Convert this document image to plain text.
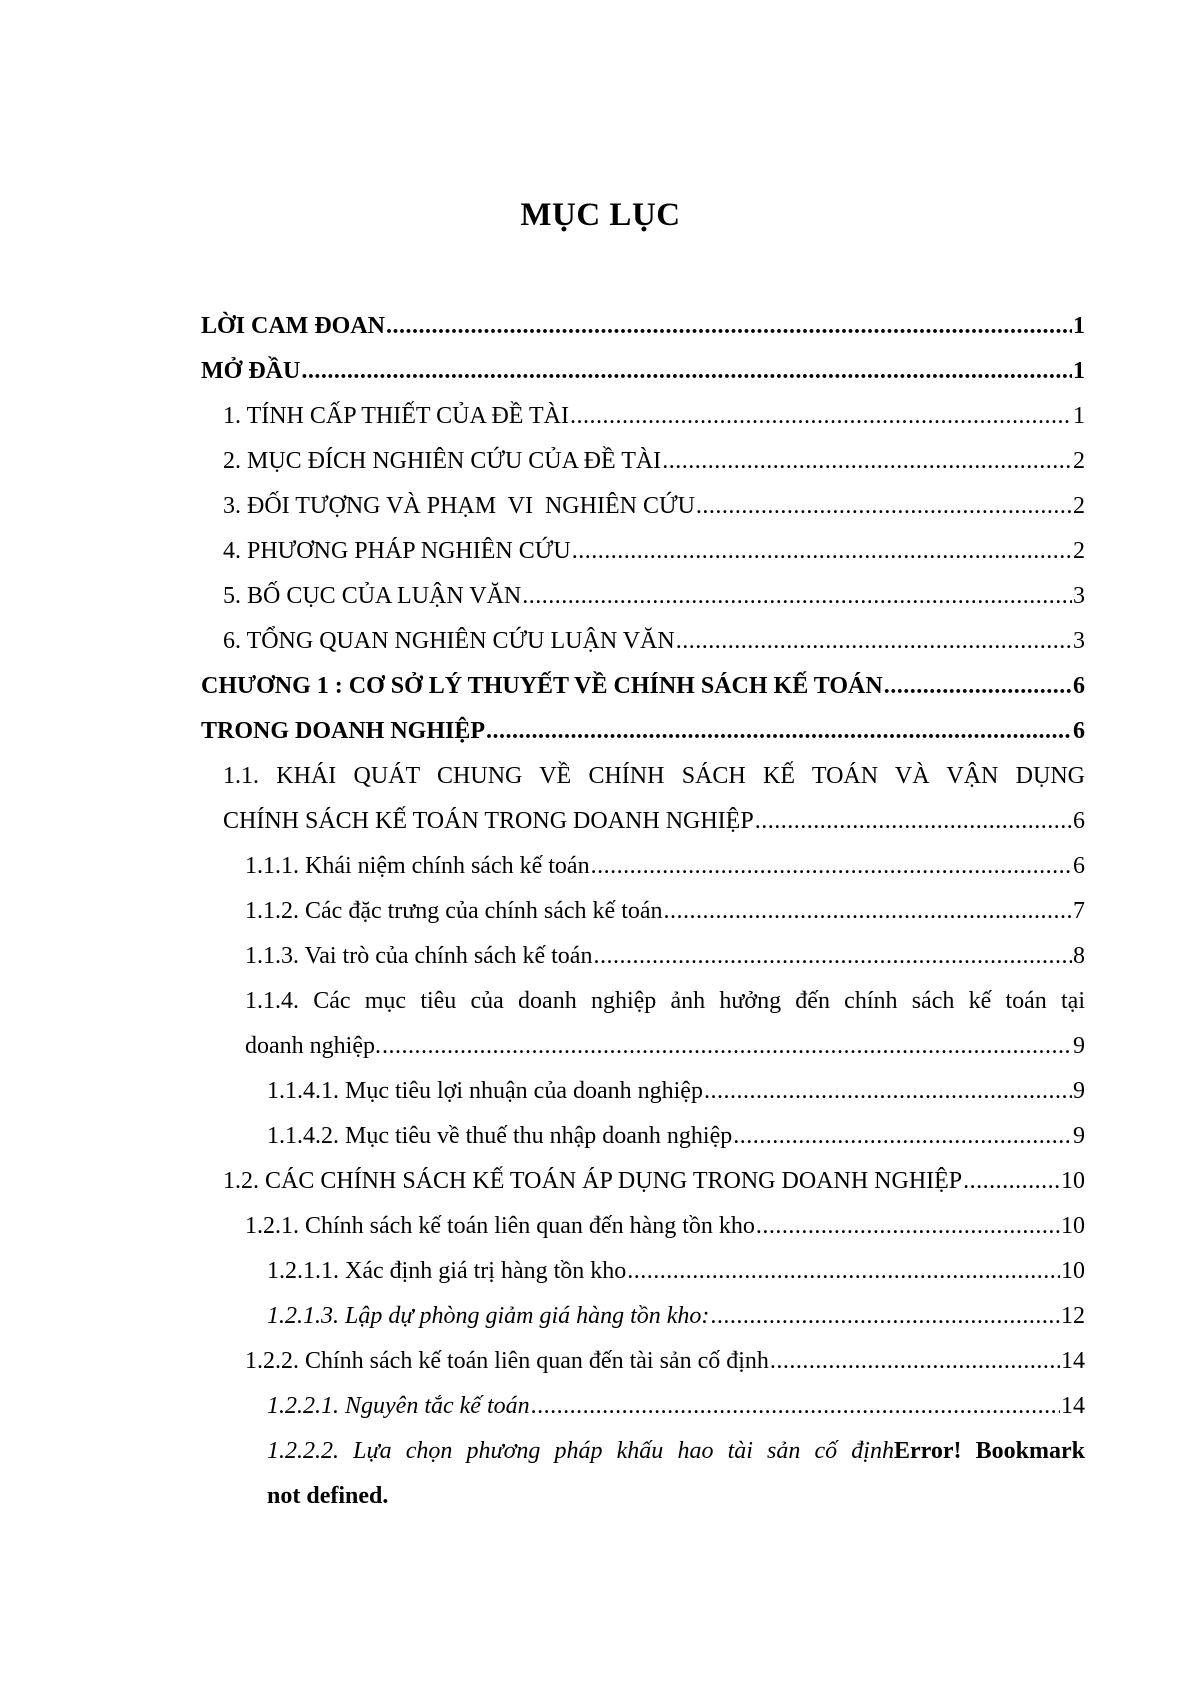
MỤC LỤC
LỜI CAM ĐOAN .....	1
MỞ ĐẦU .....	1
1. TÍNH CẤP THIẾT CỦA ĐỀ TÀI .....	1
2. MỤC ĐÍCH NGHIÊN CỨU CỦA ĐỀ TÀI .....	2
3. ĐỐI TƯỢNG VÀ PHẠM  VI  NGHIÊN CỨU .....	2
4. PHƯƠNG PHÁP NGHIÊN CỨU .....	2
5. BỐ CỤC CỦA LUẬN VĂN .....	3
6. TỔNG QUAN NGHIÊN CỨU LUẬN VĂN .....	3
CHƯƠNG 1 : CƠ SỞ LÝ THUYẾT VỀ CHÍNH SÁCH KẾ TOÁN .....	6
TRONG DOANH NGHIỆP .....	6
1.1. KHÁI QUÁT CHUNG VỀ CHÍNH SÁCH KẾ TOÁN VÀ VẬN DỤNG
CHÍNH SÁCH KẾ TOÁN TRONG DOANH NGHIỆP .....	6
1.1.1. Khái niệm chính sách kế toán .....	6
1.1.2. Các đặc trưng của chính sách kế toán .....	7
1.1.3. Vai trò của chính sách kế toán .....	8
1.1.4. Các mục tiêu của doanh nghiệp ảnh hưởng đến chính sách kế toán tại
doanh nghiệp. .....	9
1.1.4.1. Mục tiêu lợi nhuận của doanh nghiệp .....	9
1.1.4.2. Mục tiêu về thuế thu nhập doanh nghiệp .....	9
1.2. CÁC CHÍNH SÁCH KẾ TOÁN ÁP DỤNG TRONG DOANH NGHIỆP .....	10
1.2.1. Chính sách kế toán liên quan đến hàng tồn kho .....	10
1.2.1.1. Xác định giá trị hàng tồn kho .....	10
1.2.1.3. Lập dự phòng giảm giá hàng tồn kho: .....	12
1.2.2. Chính sách kế toán liên quan đến tài sản cố định .....	14
1.2.2.1. Nguyên tắc kế toán .....	14
1.2.2.2. Lựa chọn phương pháp khấu hao tài sản cố địnhError! Bookmark
not defined.
